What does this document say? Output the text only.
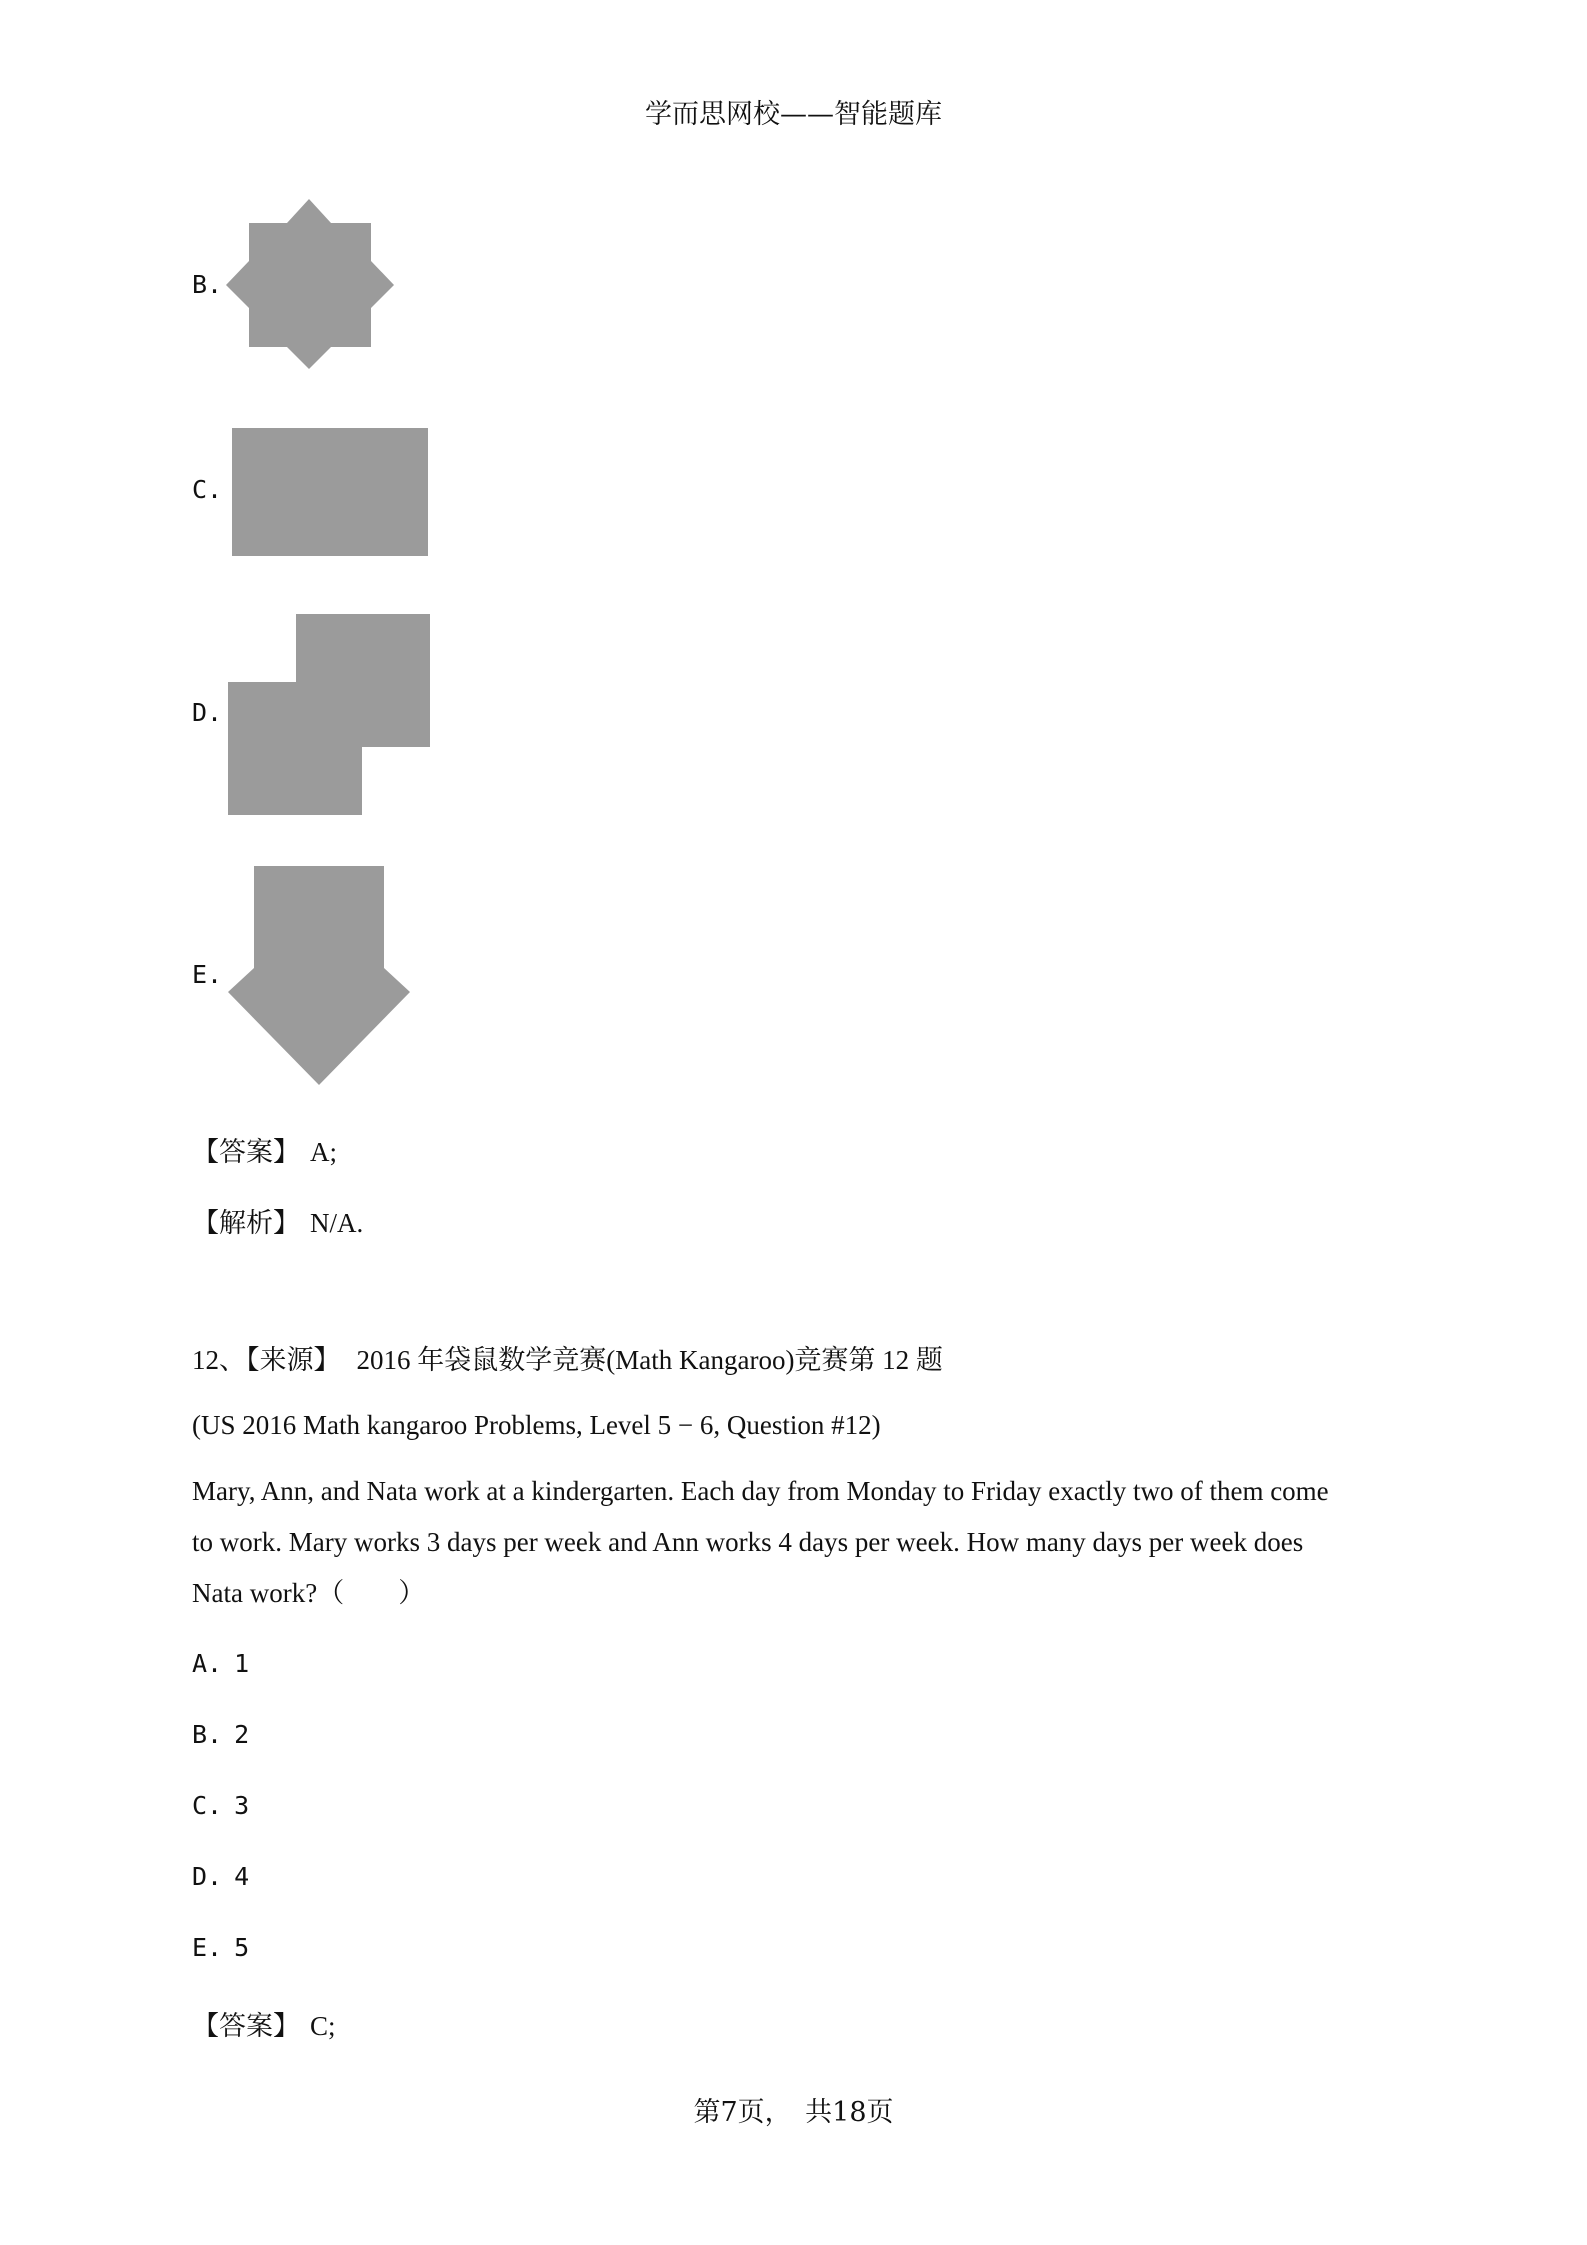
学而思网校——智能题库
B.
C.
D.
E.
【答案】 A;
【解析】 N/A.
12、【来源】 2016 年袋鼠数学竞赛(Math Kangaroo)竞赛第 12 题
(US 2016 Math kangaroo Problems, Level 5 − 6, Question #12)
Mary, Ann, and Nata work at a kindergarten. Each day from Monday to Friday exactly two of them come
to work. Mary works 3 days per week and Ann works 4 days per week. How many days per week does
Nata work?（　　）
A. 1
B. 2
C. 3
D. 4
E. 5
【答案】 C;
第7页，　共18页
